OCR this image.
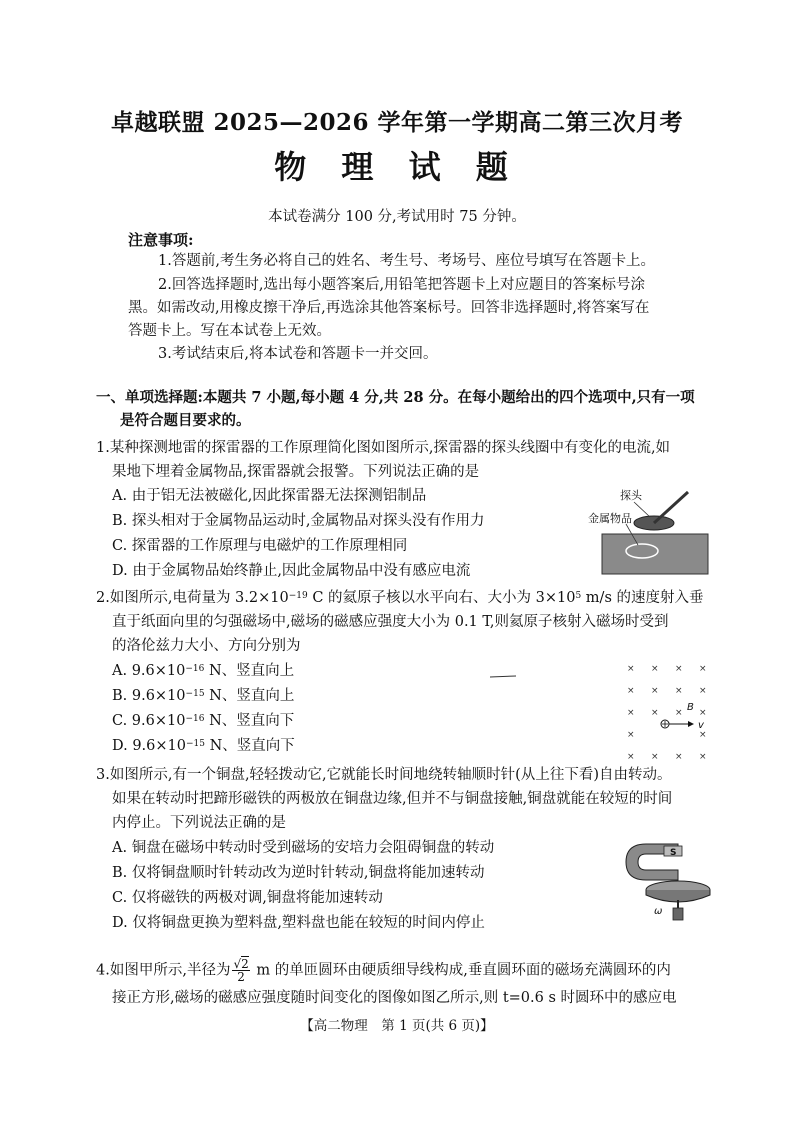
卓越联盟 2025—2026 学年第一学期高二第三次月考
物 理 试 题
本试卷满分 100 分,考试用时 75 分钟。
注意事项:
1.答题前,考生务必将自己的姓名、考生号、考场号、座位号填写在答题卡上。
2.回答选择题时,选出每小题答案后,用铅笔把答题卡上对应题目的答案标号涂
黑。如需改动,用橡皮擦干净后,再选涂其他答案标号。回答非选择题时,将答案写在
答题卡上。写在本试卷上无效。
3.考试结束后,将本试卷和答题卡一并交回。
一、单项选择题:本题共 7 小题,每小题 4 分,共 28 分。在每小题给出的四个选项中,只有一项
是符合题目要求的。
1.某种探测地雷的探雷器的工作原理简化图如图所示,探雷器的探头线圈中有变化的电流,如
果地下埋着金属物品,探雷器就会报警。下列说法正确的是
A. 由于铝无法被磁化,因此探雷器无法探测铝制品
B. 探头相对于金属物品运动时,金属物品对探头没有作用力
C. 探雷器的工作原理与电磁炉的工作原理相同
D. 由于金属物品始终静止,因此金属物品中没有感应电流
探头
金属物品
2.如图所示,电荷量为 $3.2\times 10^{-19}$ C 的氦原子核以水平向右、大小为 $3\times 10^5$ m/s 的速度射入垂
直于纸面向里的匀强磁场中,磁场的磁感应强度大小为 0.1 T,则氦原子核射入磁场时受到
的洛伦兹力大小、方向分别为
A. $9.6\times 10^{-16}$ N、竖直向上
B. $9.6\times 10^{-15}$ N、竖直向上
C. $9.6\times 10^{-16}$ N、竖直向下
D. $9.6\times 10^{-15}$ N、竖直向下
× × × ×
× × × ×
× × × ×
×	×
× × × ×
v
B
3.如图所示,有一个铜盘,轻轻拨动它,它就能长时间地绕转轴顺时针(从上往下看)自由转动。
如果在转动时把蹄形磁铁的两极放在铜盘边缘,但并不与铜盘接触,铜盘就能在较短的时间
内停止。下列说法正确的是
A. 铜盘在磁场中转动时受到磁场的安培力会阻碍铜盘的转动
B. 仅将铜盘顺时针转动改为逆时针转动,铜盘将能加速转动
C. 仅将磁铁的两极对调,铜盘将能加速转动
D. 仅将铜盘更换为塑料盘,塑料盘也能在较短的时间内停止
S
ω
4.如图甲所示,半径为 $\frac{√2}{2}$ m 的单匝圆环由硬质细导线构成,垂直圆环面的磁场充满圆环的内
接正方形,磁场的磁感应强度随时间变化的图像如图乙所示,则 t=0.6 s 时圆环中的感应电
【高二物理　第 1 页(共 6 页)】
